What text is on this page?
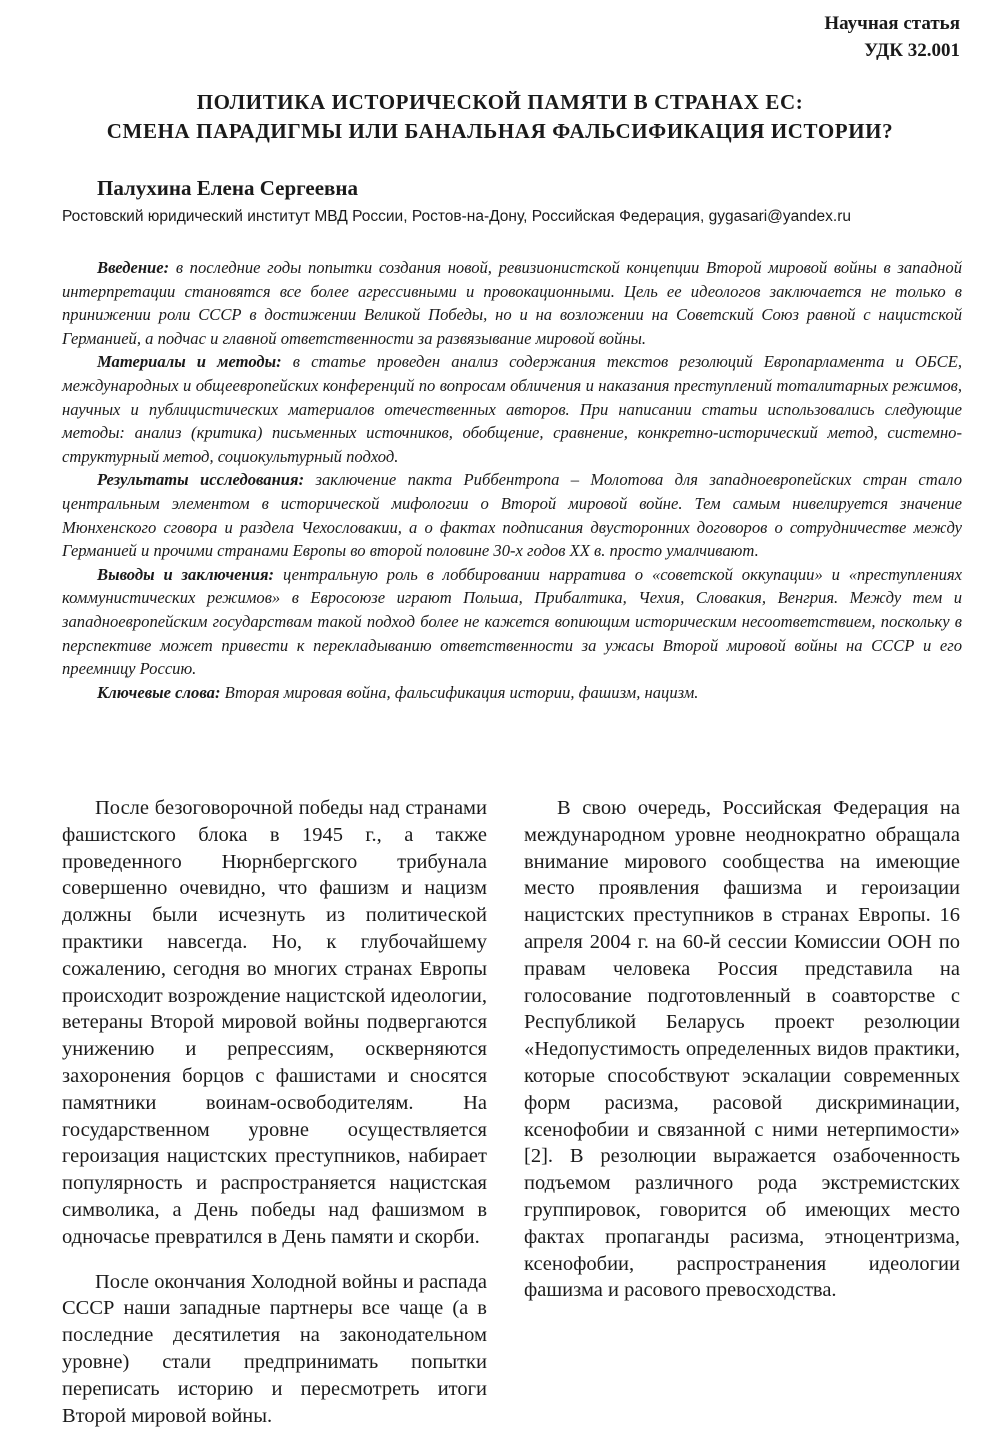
Научная статья
УДК 32.001
ПОЛИТИКА ИСТОРИЧЕСКОЙ ПАМЯТИ В СТРАНАХ ЕС:
СМЕНА ПАРАДИГМЫ ИЛИ БАНАЛЬНАЯ ФАЛЬСИФИКАЦИЯ ИСТОРИИ?
Палухина Елена Сергеевна
Ростовский юридический институт МВД России, Ростов-на-Дону, Российская Федерация, gygasari@yandex.ru

Введение: в последние годы попытки создания новой, ревизионистской концепции Второй мировой войны в западной интерпретации становятся все более агрессивными и провокационными. Цель ее идеологов заключается не только в принижении роли СССР в достижении Великой Победы, но и на возложении на Советский Союз равной с нацистской Германией, а подчас и главной ответственности за развязывание мировой войны.

Материалы и методы: в статье проведен анализ содержания текстов резолюций Европарламента и ОБСЕ, международных и общеевропейских конференций по вопросам обличения и наказания преступлений тоталитарных режимов, научных и публицистических материалов отечественных авторов. При написании статьи использовались следующие методы: анализ (критика) письменных источников, обобщение, сравнение, конкретно-исторический метод, системно-структурный метод, социокультурный подход.

Результаты исследования: заключение пакта Риббентропа – Молотова для западноевропейских стран стало центральным элементом в исторической мифологии о Второй мировой войне. Тем самым нивелируется значение Мюнхенского сговора и раздела Чехословакии, а о фактах подписания двусторонних договоров о сотрудничестве между Германией и прочими странами Европы во второй половине 30-х годов XX в. просто умалчивают.

Выводы и заключения: центральную роль в лоббировании нарратива о «советской оккупации» и «преступлениях коммунистических режимов» в Евросоюзе играют Польша, Прибалтика, Чехия, Словакия, Венгрия. Между тем и западноевропейским государствам такой подход более не кажется вопиющим историческим несоответствием, поскольку в перспективе может привести к перекладыванию ответственности за ужасы Второй мировой войны на СССР и его преемницу Россию.

Ключевые слова: Вторая мировая война, фальсификация истории, фашизм, нацизм.

После безоговорочной победы над странами фашистского блока в 1945 г., а также проведенного Нюрнбергского трибунала совершенно очевидно, что фашизм и нацизм должны были исчезнуть из политической практики навсегда. Но, к глубочайшему сожалению, сегодня во многих странах Европы происходит возрождение нацистской идеологии, ветераны Второй мировой войны подвергаются унижению и репрессиям, оскверняются захоронения борцов с фашистами и сносятся памятники воинам-освободителям. На государственном уровне осуществляется героизация нацистских преступников, набирает популярность и распространяется нацистская символика, а День победы над фашизмом в одночасье превратился в День памяти и скорби.

После окончания Холодной войны и распада СССР наши западные партнеры все чаще (а в последние десятилетия на законодательном уровне) стали предпринимать попытки переписать историю и пересмотреть итоги Второй мировой войны.

В свою очередь, Российская Федерация на международном уровне неоднократно обращала внимание мирового сообщества на имеющие место проявления фашизма и героизации нацистских преступников в странах Европы. 16 апреля 2004 г. на 60-й сессии Комиссии ООН по правам человека Россия представила на голосование подготовленный в соавторстве с Республикой Беларусь проект резолюции «Недопустимость определенных видов практики, которые способствуют эскалации современных форм расизма, расовой дискриминации, ксенофобии и связанной с ними нетерпимости» [2]. В резолюции выражается озабоченность подъемом различного рода экстремистских группировок, говорится об имеющих место фактах пропаганды расизма, этноцентризма, ксенофобии, распространения идеологии фашизма и расового превосходства.
